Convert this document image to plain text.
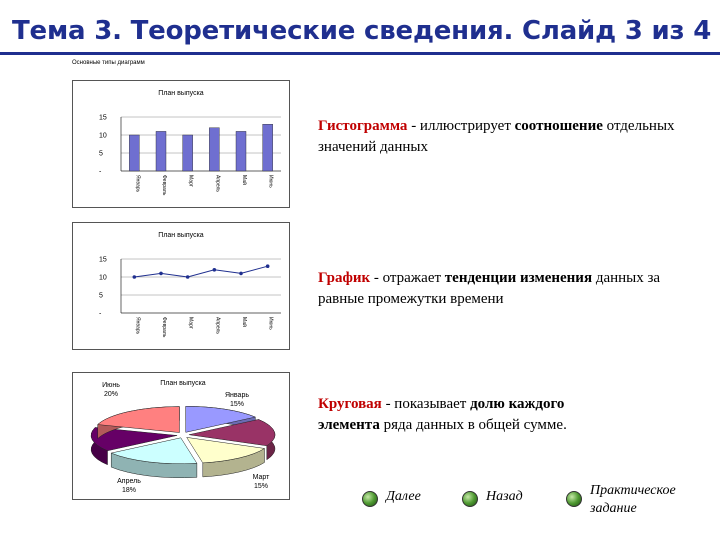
Тема 3. Теоретические сведения. Слайд 3 из 4
Основные типы диаграмм
План выпуска
15
10
5
-
Январь	Февраль	Март	Апрель	Май	Июнь
План выпуска
15
10
5
-
Январь	Февраль	Март	Апрель	Май	Июнь
План выпуска
Январь
15%
Март
15%
Апрель
18%
Июнь
20%
Гистограмма - иллюстрирует соотношение отдельных значений данных
График - отражает тенденции изменения данных за равные промежутки времени
Круговая - показывает долю каждого
элемента ряда данных в общей сумме.
Далее	Назад	Практическое задание
